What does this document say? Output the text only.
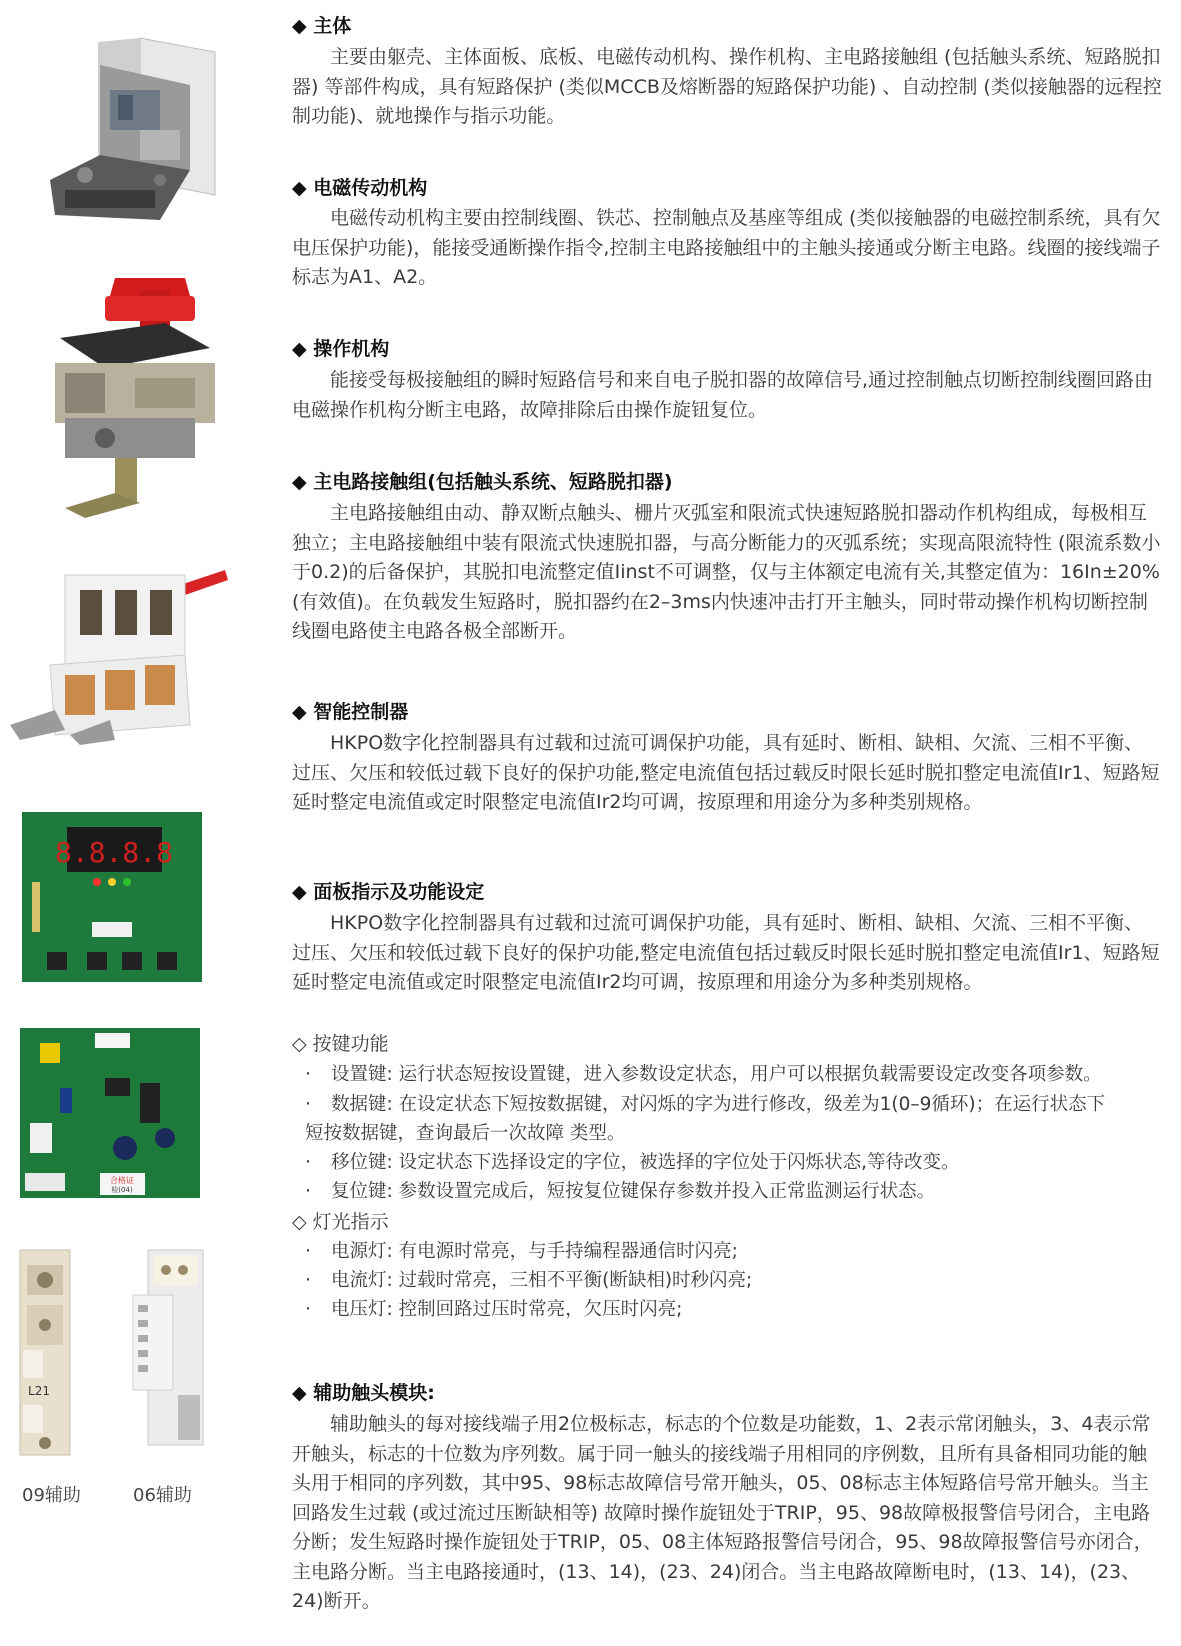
8.8.8.8
合格证
检(04)
L21
09辅助	06辅助
◆ 主体
主要由躯壳、主体面板、底板、电磁传动机构、操作机构、主电路接触组 (包括触头系统、短路脱扣器) 等部件构成，具有短路保护 (类似MCCB及熔断器的短路保护功能) 、自动控制 (类似接触器的远程控制功能)、就地操作与指示功能。
◆ 电磁传动机构
电磁传动机构主要由控制线圈、铁芯、控制触点及基座等组成 (类似接触器的电磁控制系统，具有欠电压保护功能)，能接受通断操作指令,控制主电路接触组中的主触头接通或分断主电路。线圈的接线端子标志为A1、A2。
◆ 操作机构
能接受每极接触组的瞬时短路信号和来自电子脱扣器的故障信号,通过控制触点切断控制线圈回路由电磁操作机构分断主电路，故障排除后由操作旋钮复位。
◆ 主电路接触组(包括触头系统、短路脱扣器)
主电路接触组由动、静双断点触头、栅片灭弧室和限流式快速短路脱扣器动作机构组成，每极相互独立；主电路接触组中装有限流式快速脱扣器，与高分断能力的灭弧系统；实现高限流特性 (限流系数小于0.2)的后备保护，其脱扣电流整定值Iinst不可调整，仅与主体额定电流有关,其整定值为：16In±20% (有效值)。在负载发生短路时，脱扣器约在2–3ms内快速冲击打开主触头，同时带动操作机构切断控制线圈电路使主电路各极全部断开。
◆ 智能控制器
HKPO数字化控制器具有过载和过流可调保护功能，具有延时、断相、缺相、欠流、三相不平衡、过压、欠压和较低过载下良好的保护功能,整定电流值包括过载反时限长延时脱扣整定电流值Ir1、短路短延时整定电流值或定时限整定电流值Ir2均可调，按原理和用途分为多种类别规格。
◆ 面板指示及功能设定
HKPO数字化控制器具有过载和过流可调保护功能，具有延时、断相、缺相、欠流、三相不平衡、过压、欠压和较低过载下良好的保护功能,整定电流值包括过载反时限长延时脱扣整定电流值Ir1、短路短延时整定电流值或定时限整定电流值Ir2均可调，按原理和用途分为多种类别规格。
◇ 按键功能
· 设置键: 运行状态短按设置键，进入参数设定状态，用户可以根据负载需要设定改变各项参数。
· 数据键: 在设定状态下短按数据键，对闪烁的字为进行修改，级差为1(0–9循环)；在运行状态下
短按数据键，查询最后一次故障 类型。
· 移位键: 设定状态下选择设定的字位，被选择的字位处于闪烁状态,等待改变。
· 复位键: 参数设置完成后，短按复位键保存参数并投入正常监测运行状态。
◇ 灯光指示
· 电源灯: 有电源时常亮，与手持编程器通信时闪亮;
· 电流灯: 过载时常亮，三相不平衡(断缺相)时秒闪亮;
· 电压灯: 控制回路过压时常亮，欠压时闪亮;
◆ 辅助触头模块:
辅助触头的每对接线端子用2位极标志，标志的个位数是功能数，1、2表示常闭触头，3、4表示常开触头，标志的十位数为序列数。属于同一触头的接线端子用相同的序例数，且所有具备相同功能的触头用于相同的序列数，其中95、98标志故障信号常开触头，05、08标志主体短路信号常开触头。当主回路发生过载 (或过流过压断缺相等) 故障时操作旋钮处于TRIP，95、98故障极报警信号闭合，主电路分断；发生短路时操作旋钮处于TRIP，05、08主体短路报警信号闭合，95、98故障报警信号亦闭合，主电路分断。当主电路接通时，(13、14)，(23、24)闭合。当主电路故障断电时，(13、14)，(23、24)断开。
